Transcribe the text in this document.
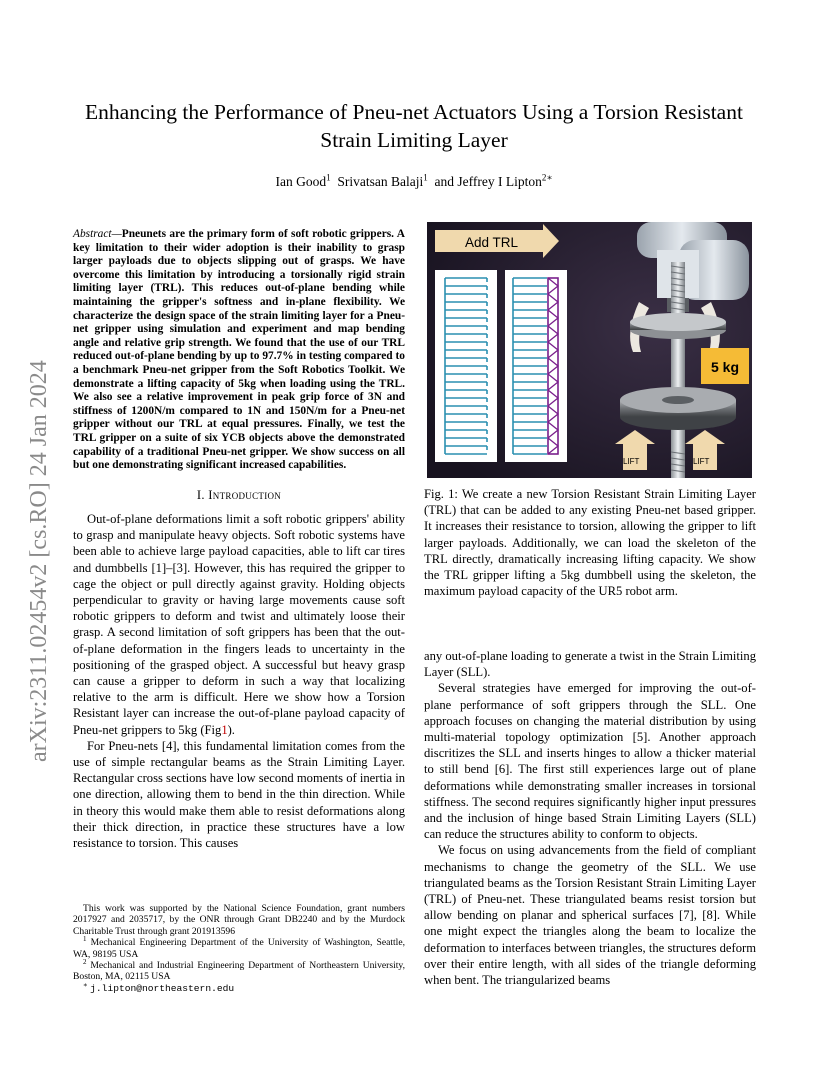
arXiv:2311.02454v2 [cs.RO] 24 Jan 2024
Enhancing the Performance of Pneu-net Actuators Using a Torsion Resistant
Strain Limiting Layer
Ian Good$^1$ Srivatsan Balaji$^1$ and Jeffrey I Lipton$^{2∗}$

Abstract—Pneunets are the primary form of soft robotic grippers. A key limitation to their wider adoption is their inability to grasp larger payloads due to objects slipping out of grasps. We have overcome this limitation by introducing a torsionally rigid strain limiting layer (TRL). This reduces out-of-plane bending while maintaining the gripper's softness and in-plane flexibility. We characterize the design space of the strain limiting layer for a Pneu-net gripper using simulation and experiment and map bending angle and relative grip strength. We found that the use of our TRL reduced out-of-plane bending by up to 97.7% in testing compared to a benchmark Pneu-net gripper from the Soft Robotics Toolkit. We demonstrate a lifting capacity of 5kg when loading using the TRL. We also see a relative improvement in peak grip force of 3N and stiffness of 1200N/m compared to 1N and 150N/m for a Pneu-net gripper without our TRL at equal pressures. Finally, we test the TRL gripper on a suite of six YCB objects above the demonstrated capability of a traditional Pneu-net gripper. We show success on all but one demonstrating significant increased capabilities.

I. Introduction

Out-of-plane deformations limit a soft robotic grippers' ability to grasp and manipulate heavy objects. Soft robotic systems have been able to achieve large payload capacities, able to lift car tires and dumbbells [1]–[3]. However, this has required the gripper to cage the object or pull directly against gravity. Holding objects perpendicular to gravity or having large movements cause soft robotic grippers to deform and twist and ultimately loose their grasp. A second limitation of soft grippers has been that the out-of-plane deformation in the fingers leads to uncertainty in the positioning of the grasped object. A successful but heavy grasp can cause a gripper to deform in such a way that localizing relative to the arm is difficult. Here we show how a Torsion Resistant layer can increase the out-of-plane payload capacity of Pneu-net grippers to 5kg (Fig1).

For Pneu-nets [4], this fundamental limitation comes from the use of simple rectangular beams as the Strain Limiting Layer. Rectangular cross sections have low second moments of inertia in one direction, allowing them to bend in the thin direction. While in theory this would make them able to resist deformations along their thick direction, in practice these structures have a low resistance to torsion. This causes

This work was supported by the National Science Foundation, grant numbers 2017927 and 2035717, by the ONR through Grant DB2240 and by the Murdock Charitable Trust through grant 201913596

$^1$ Mechanical Engineering Department of the University of Washington, Seattle, WA, 98195 USA

$^2$ Mechanical and Industrial Engineering Department of Northeastern University, Boston, MA, 02115 USA

∗ j.lipton@northeastern.edu

Add TRL
5 kg
LIFT	LIFT
Fig. 1: We create a new Torsion Resistant Strain Limiting Layer (TRL) that can be added to any existing Pneu-net based gripper. It increases their resistance to torsion, allowing the gripper to lift larger payloads. Additionally, we can load the skeleton of the TRL directly, dramatically increasing lifting capacity. We show the TRL gripper lifting a 5kg dumbbell using the skeleton, the maximum payload capacity of the UR5 robot arm.

any out-of-plane loading to generate a twist in the Strain Limiting Layer (SLL).

Several strategies have emerged for improving the out-of-plane performance of soft grippers through the SLL. One approach focuses on changing the material distribution by using multi-material topology optimization [5]. Another approach discritizes the SLL and inserts hinges to allow a thicker material to still bend [6]. The first still experiences large out of plane deformations while demonstrating smaller increases in torsional stiffness. The second requires significantly higher input pressures and the inclusion of hinge based Strain Limiting Layers (SLL) can reduce the structures ability to conform to objects.

We focus on using advancements from the field of compliant mechanisms to change the geometry of the SLL. We use triangulated beams as the Torsion Resistant Strain Limiting Layer (TRL) of Pneu-net. These triangulated beams resist torsion but allow bending on planar and spherical surfaces [7], [8]. While one might expect the triangles along the beam to localize the deformation to interfaces between triangles, the structures deform over their entire length, with all sides of the triangle deforming when bent. The triangularized beams
